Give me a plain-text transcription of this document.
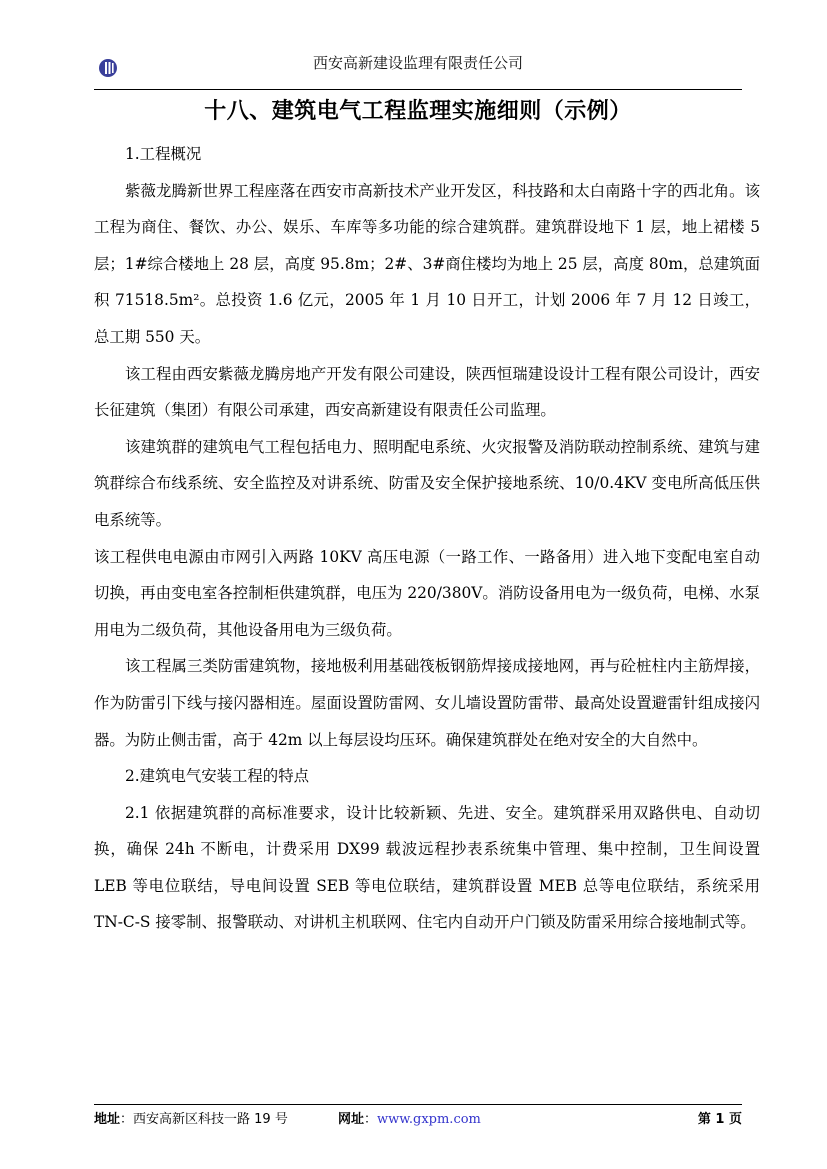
西安高新建设监理有限责任公司
十八、建筑电气工程监理实施细则（示例）

1.工程概况

紫薇龙腾新世界工程座落在西安市高新技术产业开发区，科技路和太白南路十字的西北角。该工程为商住、餐饮、办公、娱乐、车库等多功能的综合建筑群。建筑群设地下 1 层，地上裙楼 5 层；1#综合楼地上 28 层，高度 95.8m；2#、3#商住楼均为地上 25 层，高度 80m，总建筑面积 71518.5m²。总投资 1.6 亿元，2005 年 1 月 10 日开工，计划 2006 年 7 月 12 日竣工，总工期 550 天。

该工程由西安紫薇龙腾房地产开发有限公司建设，陕西恒瑞建设设计工程有限公司设计，西安长征建筑（集团）有限公司承建，西安高新建设有限责任公司监理。

该建筑群的建筑电气工程包括电力、照明配电系统、火灾报警及消防联动控制系统、建筑与建筑群综合布线系统、安全监控及对讲系统、防雷及安全保护接地系统、10/0.4KV 变电所高低压供电系统等。

该工程供电电源由市网引入两路 10KV 高压电源（一路工作、一路备用）进入地下变配电室自动切换，再由变电室各控制柜供建筑群，电压为 220/380V。消防设备用电为一级负荷，电梯、水泵用电为二级负荷，其他设备用电为三级负荷。

该工程属三类防雷建筑物，接地极利用基础筏板钢筋焊接成接地网，再与砼桩柱内主筋焊接，作为防雷引下线与接闪器相连。屋面设置防雷网、女儿墙设置防雷带、最高处设置避雷针组成接闪器。为防止侧击雷，高于 42m 以上每层设均压环。确保建筑群处在绝对安全的大自然中。

2.建筑电气安装工程的特点

2.1 依据建筑群的高标准要求，设计比较新颖、先进、安全。建筑群采用双路供电、自动切换，确保 24h 不断电，计费采用 DX99 载波远程抄表系统集中管理、集中控制，卫生间设置 LEB 等电位联结，导电间设置 SEB 等电位联结，建筑群设置 MEB 总等电位联结，系统采用 TN-C-S 接零制、报警联动、对讲机主机联网、住宅内自动开户门锁及防雷采用综合接地制式等。

地址：西安高新区科技一路 19 号	网址：www.gxpm.com	第 1 页
